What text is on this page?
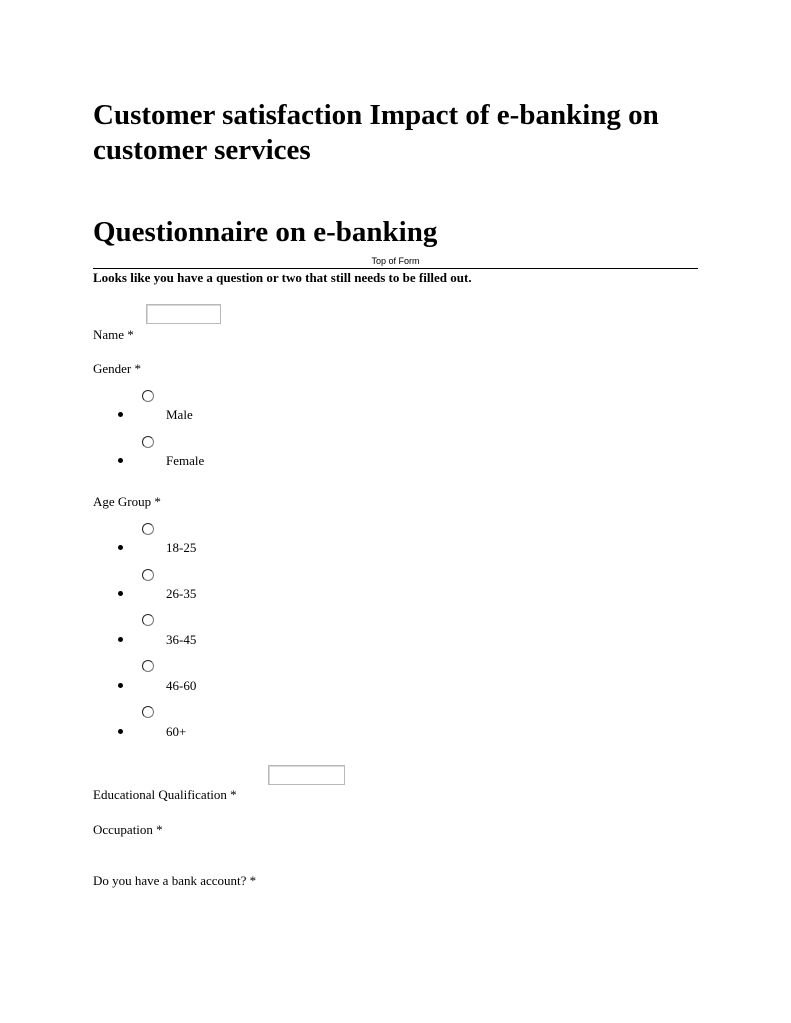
Customer satisfaction Impact of e-banking on customer services
Questionnaire on e-banking
Top of Form
Looks like you have a question or two that still needs to be filled out.
Name *
Gender *
Male
Female
Age Group *
18-25
26-35
36-45
46-60
60+
Educational Qualification *
Occupation *
Do you have a bank account? *
